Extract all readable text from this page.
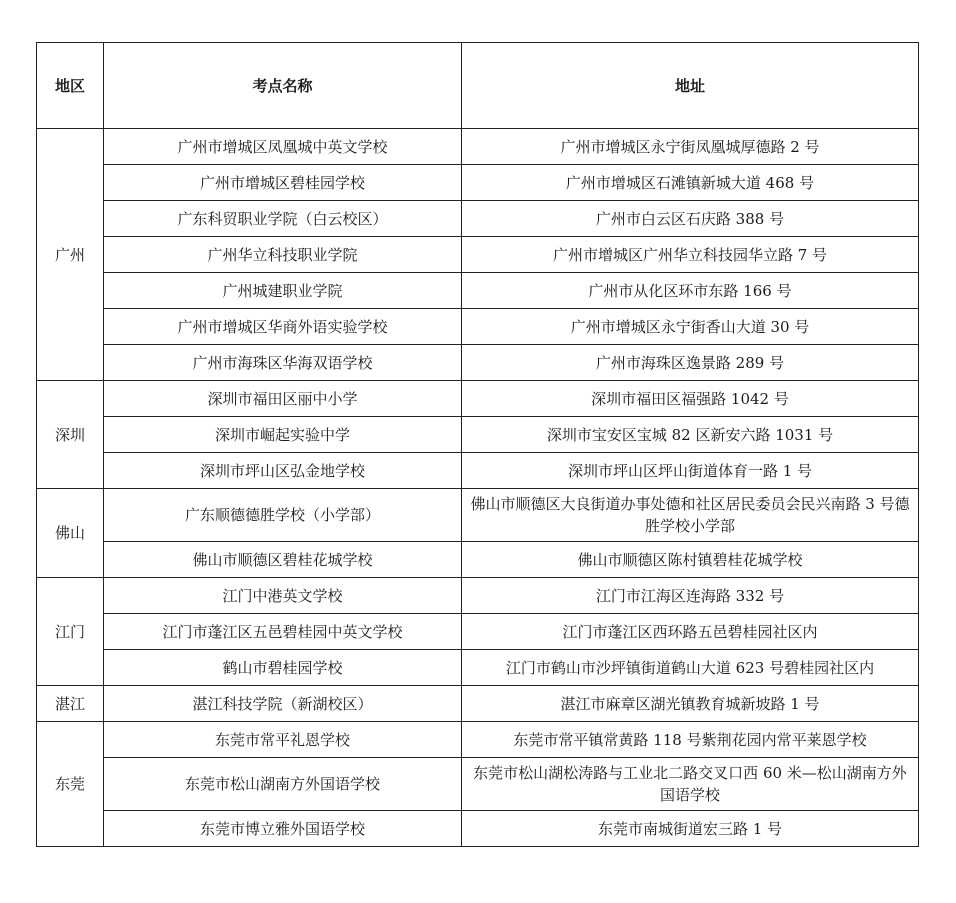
地区	考点名称	地址
广州	广州市增城区凤凰城中英文学校	广州市增城区永宁街凤凰城厚德路 2 号
	广州市增城区碧桂园学校	广州市增城区石滩镇新城大道 468 号
	广东科贸职业学院（白云校区）	广州市白云区石庆路 388 号
	广州华立科技职业学院	广州市增城区广州华立科技园华立路 7 号
	广州城建职业学院	广州市从化区环市东路 166 号
	广州市增城区华商外语实验学校	广州市增城区永宁街香山大道 30 号
	广州市海珠区华海双语学校	广州市海珠区逸景路 289 号
深圳	深圳市福田区丽中小学	深圳市福田区福强路 1042 号
	深圳市崛起实验中学	深圳市宝安区宝城 82 区新安六路 1031 号
	深圳市坪山区弘金地学校	深圳市坪山区坪山街道体育一路 1 号
佛山	广东顺德德胜学校（小学部）	佛山市顺德区大良街道办事处德和社区居民委员会民兴南路 3 号德胜学校小学部
	佛山市顺德区碧桂花城学校	佛山市顺德区陈村镇碧桂花城学校
江门	江门中港英文学校	江门市江海区连海路 332 号
	江门市蓬江区五邑碧桂园中英文学校	江门市蓬江区西环路五邑碧桂园社区内
	鹤山市碧桂园学校	江门市鹤山市沙坪镇街道鹤山大道 623 号碧桂园社区内
湛江	湛江科技学院（新湖校区）	湛江市麻章区湖光镇教育城新坡路 1 号
东莞	东莞市常平礼恩学校	东莞市常平镇常黄路 118 号紫荆花园内常平莱恩学校
	东莞市松山湖南方外国语学校	东莞市松山湖松涛路与工业北二路交叉口西 60 米—松山湖南方外国语学校
	东莞市博立雅外国语学校	东莞市南城街道宏三路 1 号
